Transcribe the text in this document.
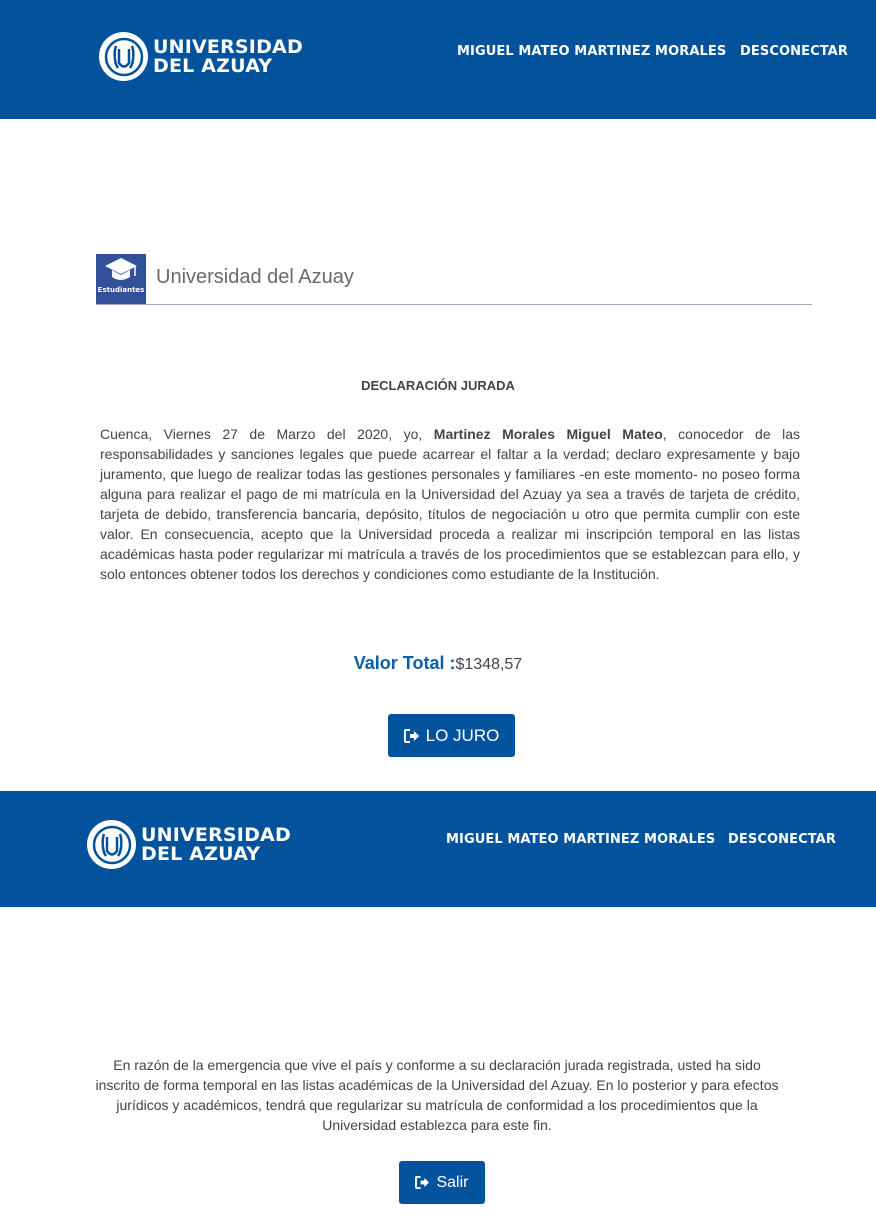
UNIVERSIDAD
DEL AZUAY
MIGUEL MATEO MARTINEZ MORALES DESCONECTAR
Estudiantes
Universidad del Azuay
DECLARACIÓN JURADA

Cuenca, Viernes 27 de Marzo del 2020, yo, Martinez Morales Miguel Mateo, conocedor de las responsabilidades y sanciones legales que puede acarrear el faltar a la verdad; declaro expresamente y bajo juramento, que luego de realizar todas las gestiones personales y familiares -en este momento- no poseo forma alguna para realizar el pago de mi matrícula en la Universidad del Azuay ya sea a través de tarjeta de crédito, tarjeta de debido, transferencia bancaria, depósito, títulos de negociación u otro que permita cumplir con este valor. En consecuencia, acepto que la Universidad proceda a realizar mi inscripción temporal en las listas académicas hasta poder regularizar mi matrícula a través de los procedimientos que se establezcan para ello, y solo entonces obtener todos los derechos y condiciones como estudiante de la Institución.

Valor Total :$1348,57
LO JURO
UNIVERSIDAD
DEL AZUAY
MIGUEL MATEO MARTINEZ MORALES DESCONECTAR

En razón de la emergencia que vive el país y conforme a su declaración jurada registrada, usted ha sido inscrito de forma temporal en las listas académicas de la Universidad del Azuay. En lo posterior y para efectos jurídicos y académicos, tendrá que regularizar su matrícula de conformidad a los procedimientos que la Universidad establezca para este fin.

Salir
